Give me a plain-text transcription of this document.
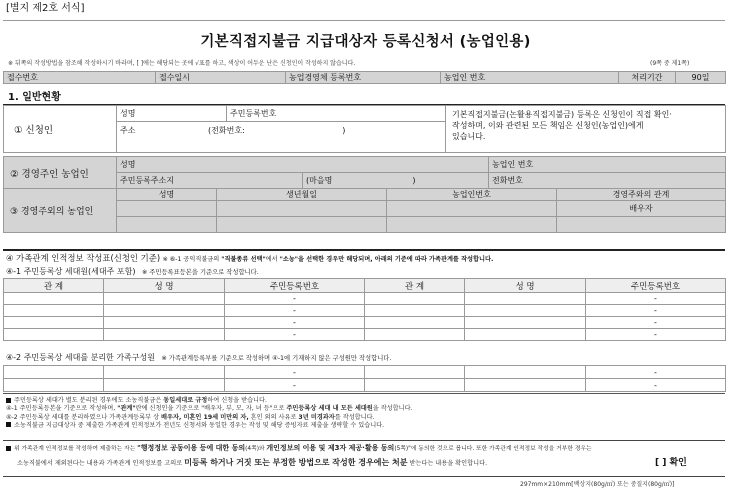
[별지 제2호 서식]
기본직접지불금 지급대상자 등록신청서 (농업인용)
※ 뒤쪽의 작성방법을 참조해 작성하시기 바라며, [ ]에는 해당되는 곳에 √표를 하고, 색상이 어두운 난은 신청인이 작성하지 않습니다.	(9쪽 중 제1쪽)
접수번호	접수일시	농업경영체 등록번호	농업인 번호	처리기간	90일
1. 일반현황
① 신청인	성명	주민등록번호	기본직접지불금(논활용직접지불금) 등록은 신청인이 직접 확인·
작성하며, 이와 관련된 모든 책임은 신청인(농업인)에게
있습니다.

주소	(전화번호:	)
② 경영주인 농업인	성명		농업인 번호
	주민등록주소지	(마을명 )	전화번호
③ 경영주외의 농업인	성명	생년월일	농업인번호	경영주와의 관계
				배우자

④ 가족관계 인적정보 작성표(신청인 기준) ※ ⑥-1 공익직불금의 "직불종류 선택"에서 "소농"을 선택한 경우만 해당되며, 아래의 기준에 따라 가족관계를 작성합니다.
④-1 주민등록상 세대원(세대주 포함) ※ 주민등록표등본을 기준으로 작성합니다.
관 계	성 명	주민등록번호	관 계	성 명	주민등록번호
		-			-
		-			-
		-			-
		-			-
④-2 주민등록상 세대를 분리한 가족구성원 ※ 가족관계등록부를 기준으로 작성하며 ④-1에 기재하지 않은 구성원만 작성합니다.
		-			-
		-			-
주민등록상 세대가 별도 분리된 경우에도 소농직불금은 동일세대로 규정하여 신청을 받습니다.
④-1 주민등록등본을 기준으로 작성하며, "관계"란에 신청인을 기준으로 "배우자, 부, 모, 자, 녀 등"으로 주민등록상 세대 내 모든 세대원을 작성합니다.
④-2 주민등록상 세대를 분리하였으나 가족관계등록부 상 배우자, 미혼인 19세 미만의 자, 혼인 외의 사유로 3년 미경과자를 작성합니다.
소농직불금 지급대상자 중 제출한 가족관계 인적정보가 전년도 신청서와 동일한 경우는 작성 및 해당 증빙자료 제출을 생략할 수 있습니다.
위 가족관계 인적정보를 작성하여 제출하는 자는 "행정정보 공동이용 등에 대한 동의(4쪽)와 개인정보의 이용 및 제3자 제공·활용 동의(5쪽)"에 동의한 것으로 봅니다. 또한 가족관계 인적정보 작성을 거부한 경우는
소농직불에서 제외된다는 내용과 가족관계 인적정보를 고의로 미등록 하거나 거짓 또는 부정한 방법으로 작성한 경우에는 처분 받는다는 내용을 확인합니다.	[ ] 확인
297mm×210mm[백상지(80g/㎡) 또는 중질지(80g/㎡)]
